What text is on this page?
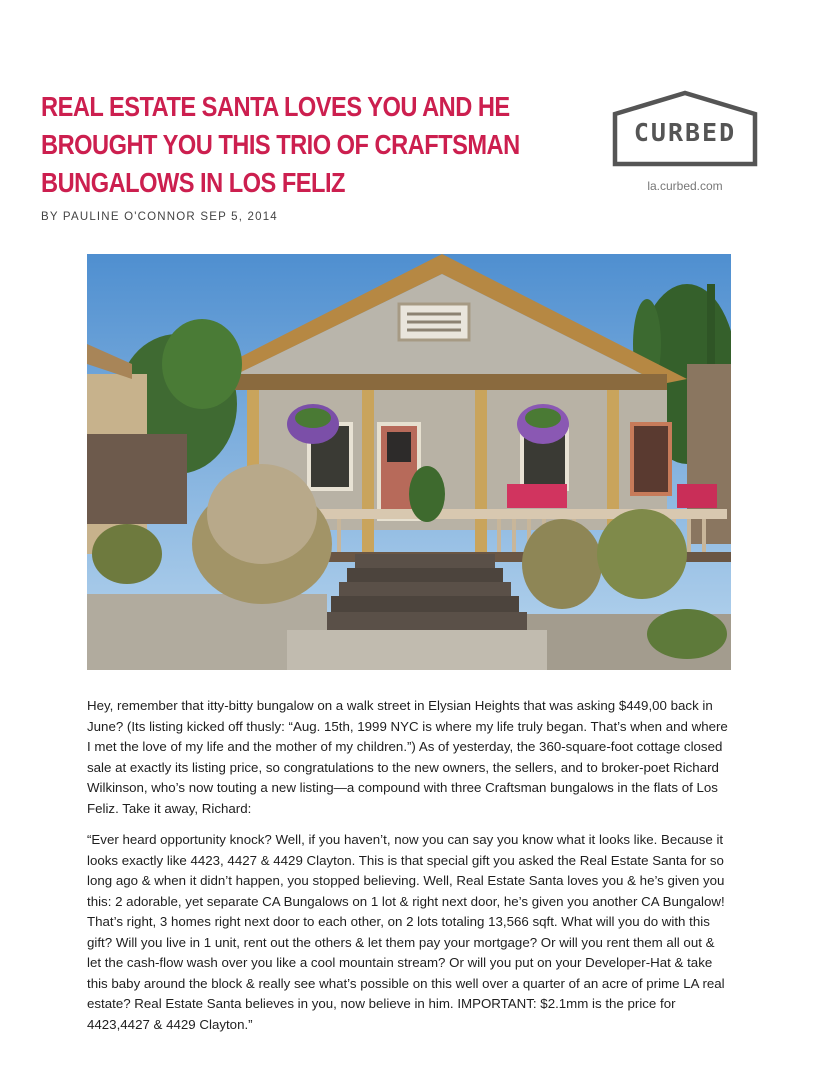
REAL ESTATE SANTA LOVES YOU AND HE
BROUGHT YOU THIS TRIO OF CRAFTSMAN
BUNGALOWS IN LOS FELIZ
CURBED
la.curbed.com
BY PAULINE O'CONNOR SEP 5, 2014

Hey, remember that itty-bitty bungalow on a walk street in Elysian Heights that was asking $449,00 back in June? (Its listing kicked off thusly: “Aug. 15th, 1999 NYC is where my life truly began. That’s when and where I met the love of my life and the mother of my children.”) As of yesterday, the 360-square-foot cottage closed sale at exactly its listing price, so congratulations to the new owners, the sellers, and to broker-poet Richard Wilkinson, who’s now touting a new listing—a compound with three Craftsman bungalows in the flats of Los Feliz. Take it away, Richard:

“Ever heard opportunity knock? Well, if you haven’t, now you can say you know what it looks like. Because it looks exactly like 4423, 4427 & 4429 Clayton. This is that special gift you asked the Real Estate Santa for so long ago & when it didn’t happen, you stopped believing. Well, Real Estate Santa loves you & he’s given you this: 2 adorable, yet separate CA Bungalows on 1 lot & right next door, he’s given you another CA Bungalow! That’s right, 3 homes right next door to each other, on 2 lots totaling 13,566 sqft. What will you do with this gift? Will you live in 1 unit, rent out the others & let them pay your mortgage? Or will you rent them all out & let the cash-flow wash over you like a cool mountain stream? Or will you put on your Developer-Hat & take this baby around the block & really see what’s possible on this well over a quarter of an acre of prime LA real estate? Real Estate Santa believes in you, now believe in him. IMPORTANT: $2.1mm is the price for 4423,4427 & 4429 Clayton.”
